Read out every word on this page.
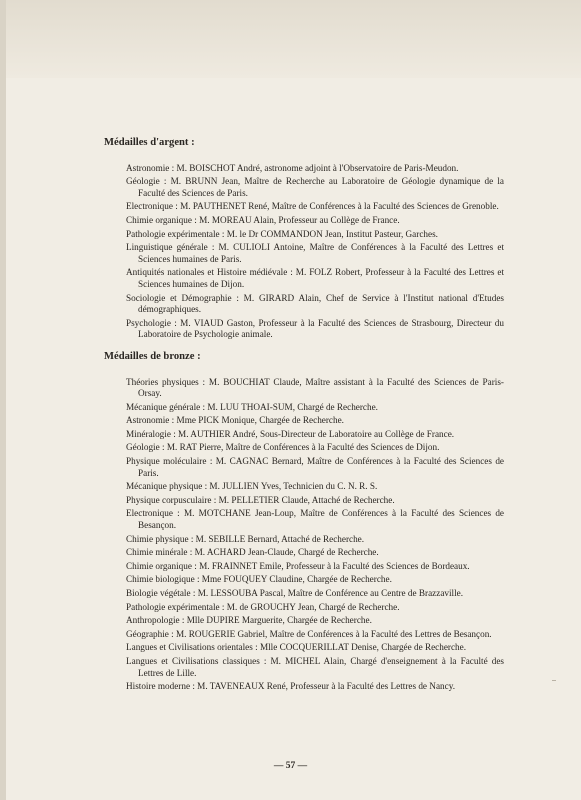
Médailles d'argent :

Astronomie : M. BOISCHOT André, astronome adjoint à l'Observatoire de Paris-Meudon.

Géologie : M. BRUNN Jean, Maître de Recherche au Laboratoire de Géologie dynamique de la Faculté des Sciences de Paris.

Electronique : M. PAUTHENET René, Maître de Conférences à la Faculté des Sciences de Grenoble.

Chimie organique : M. MOREAU Alain, Professeur au Collège de France.

Pathologie expérimentale : M. le Dr COMMANDON Jean, Institut Pasteur, Garches.

Linguistique générale : M. CULIOLI Antoine, Maître de Conférences à la Faculté des Lettres et Sciences humaines de Paris.

Antiquités nationales et Histoire médiévale : M. FOLZ Robert, Professeur à la Faculté des Lettres et Sciences humaines de Dijon.

Sociologie et Démographie : M. GIRARD Alain, Chef de Service à l'Institut national d'Etudes démographiques.

Psychologie : M. VIAUD Gaston, Professeur à la Faculté des Sciences de Strasbourg, Directeur du Laboratoire de Psychologie animale.

Médailles de bronze :

Théories physiques : M. BOUCHIAT Claude, Maître assistant à la Faculté des Sciences de Paris-Orsay.

Mécanique générale : M. LUU THOAI-SUM, Chargé de Recherche.

Astronomie : Mme PICK Monique, Chargée de Recherche.

Minéralogie : M. AUTHIER André, Sous-Directeur de Laboratoire au Collège de France.

Géologie : M. RAT Pierre, Maître de Conférences à la Faculté des Sciences de Dijon.

Physique moléculaire : M. CAGNAC Bernard, Maître de Conférences à la Faculté des Sciences de Paris.

Mécanique physique : M. JULLIEN Yves, Technicien du C. N. R. S.

Physique corpusculaire : M. PELLETIER Claude, Attaché de Recherche.

Electronique : M. MOTCHANE Jean-Loup, Maître de Conférences à la Faculté des Sciences de Besançon.

Chimie physique : M. SEBILLE Bernard, Attaché de Recherche.

Chimie minérale : M. ACHARD Jean-Claude, Chargé de Recherche.

Chimie organique : M. FRAINNET Emile, Professeur à la Faculté des Sciences de Bordeaux.

Chimie biologique : Mme FOUQUEY Claudine, Chargée de Recherche.

Biologie végétale : M. LESSOUBA Pascal, Maître de Conférence au Centre de Brazzaville.

Pathologie expérimentale : M. de GROUCHY Jean, Chargé de Recherche.

Anthropologie : Mlle DUPIRE Marguerite, Chargée de Recherche.

Géographie : M. ROUGERIE Gabriel, Maître de Conférences à la Faculté des Lettres de Besançon.

Langues et Civilisations orientales : Mlle COCQUERILLAT Denise, Chargée de Recherche.

Langues et Civilisations classiques : M. MICHEL Alain, Chargé d'enseignement à la Faculté des Lettres de Lille.

Histoire moderne : M. TAVENEAUX René, Professeur à la Faculté des Lettres de Nancy.

— 57 —
